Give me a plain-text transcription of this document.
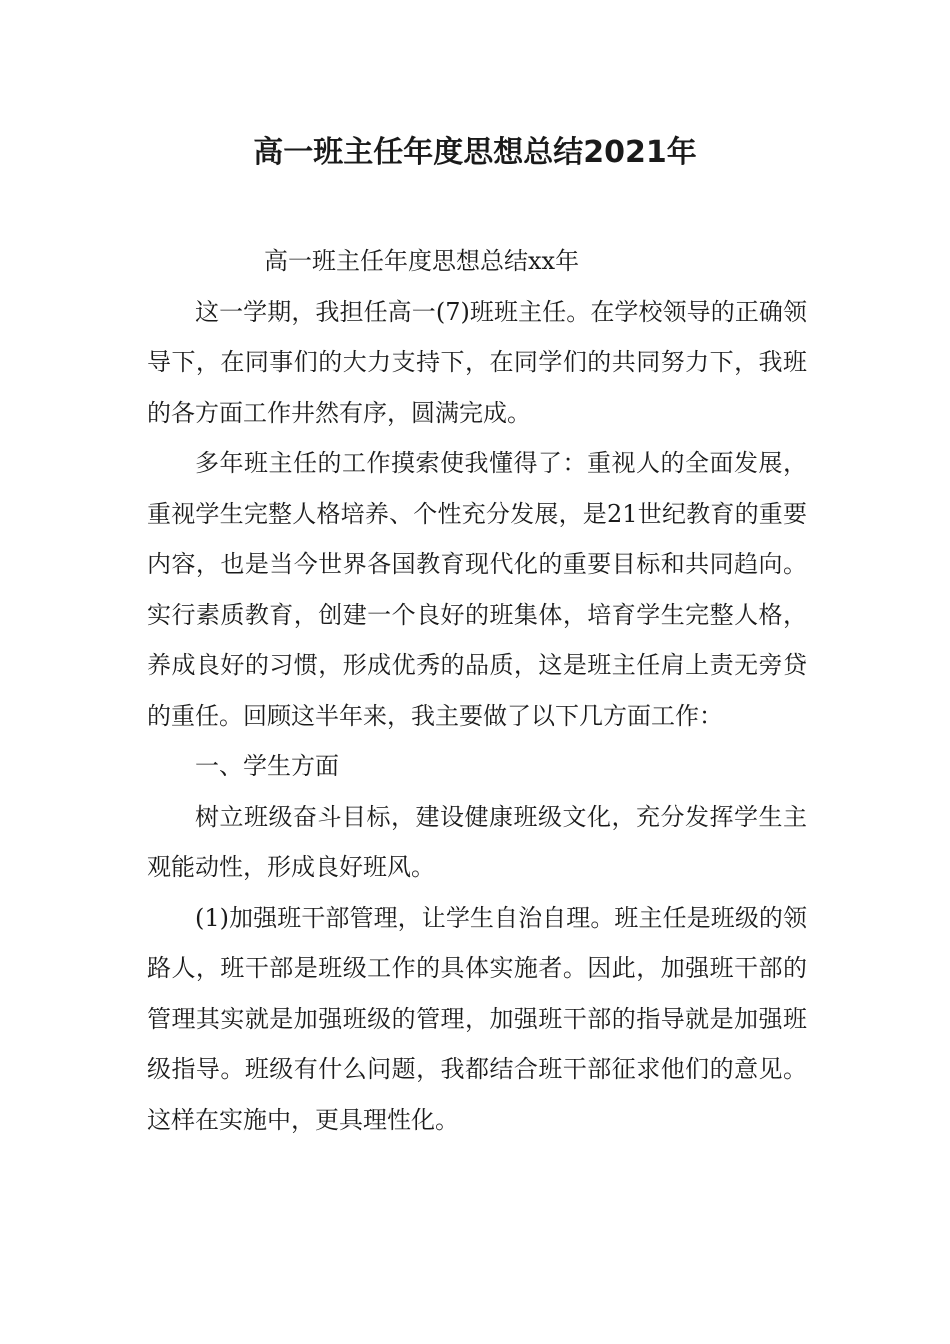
高一班主任年度思想总结2021年

高一班主任年度思想总结xx年

这一学期，我担任高一(7)班班主任。在学校领导的正确领导下，在同事们的大力支持下，在同学们的共同努力下，我班的各方面工作井然有序，圆满完成。

多年班主任的工作摸索使我懂得了：重视人的全面发展，重视学生完整人格培养、个性充分发展，是21世纪教育的重要内容，也是当今世界各国教育现代化的重要目标和共同趋向。实行素质教育，创建一个良好的班集体，培育学生完整人格，养成良好的习惯，形成优秀的品质，这是班主任肩上责无旁贷的重任。回顾这半年来，我主要做了以下几方面工作：

一、学生方面

树立班级奋斗目标，建设健康班级文化，充分发挥学生主观能动性，形成良好班风。

(1)加强班干部管理，让学生自治自理。班主任是班级的领路人，班干部是班级工作的具体实施者。因此，加强班干部的管理其实就是加强班级的管理，加强班干部的指导就是加强班级指导。班级有什么问题，我都结合班干部征求他们的意见。这样在实施中，更具理性化。
